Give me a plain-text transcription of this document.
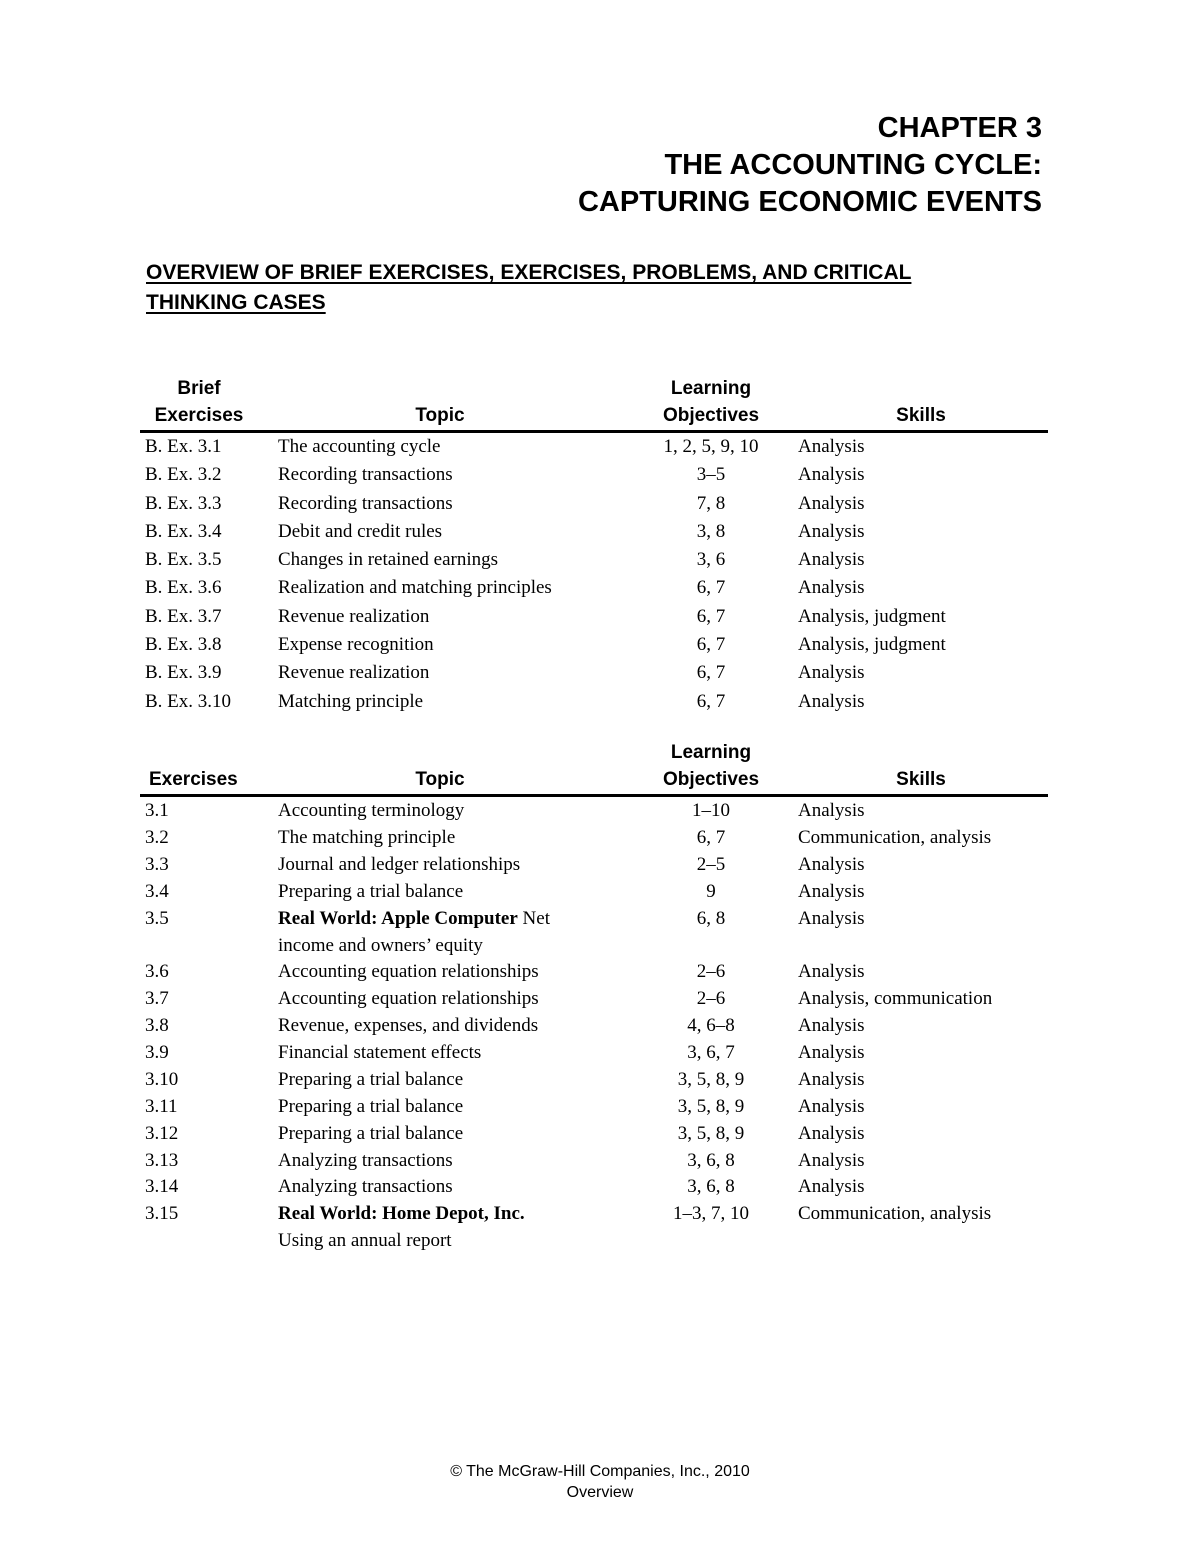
CHAPTER 3
THE ACCOUNTING CYCLE:
CAPTURING ECONOMIC EVENTS
OVERVIEW OF BRIEF EXERCISES, EXERCISES, PROBLEMS, AND CRITICAL
THINKING CASES
Brief
Exercises	Topic
Learning
Objectives	Skills
B. Ex. 3.1	The accounting cycle	1, 2, 5, 9, 10	Analysis
B. Ex. 3.2	Recording transactions	3–5	Analysis
B. Ex. 3.3	Recording transactions	7, 8	Analysis
B. Ex. 3.4	Debit and credit rules	3, 8	Analysis
B. Ex. 3.5	Changes in retained earnings	3, 6	Analysis
B. Ex. 3.6	Realization and matching principles	6, 7	Analysis
B. Ex. 3.7	Revenue realization	6, 7	Analysis, judgment
B. Ex. 3.8	Expense recognition	6, 7	Analysis, judgment
B. Ex. 3.9	Revenue realization	6, 7	Analysis
B. Ex. 3.10 Matching principle	6, 7	Analysis
Exercises	Topic
Learning
Objectives	Skills
3.1	Accounting terminology	1–10	Analysis
3.2	The matching principle	6, 7	Communication, analysis
3.3	Journal and ledger relationships	2–5	Analysis
3.4	Preparing a trial balance	9	Analysis
3.5	Real World: Apple Computer Net
income and owners’ equity
6, 8	Analysis
3.6	Accounting equation relationships	2–6	Analysis
3.7	Accounting equation relationships	2–6	Analysis, communication
3.8	Revenue, expenses, and dividends	4, 6–8	Analysis
3.9	Financial statement effects	3, 6, 7	Analysis
3.10	Preparing a trial balance	3, 5, 8, 9	Analysis
3.11	Preparing a trial balance	3, 5, 8, 9	Analysis
3.12	Preparing a trial balance	3, 5, 8, 9	Analysis
3.13	Analyzing transactions	3, 6, 8	Analysis
3.14	Analyzing transactions	3, 6, 8	Analysis
3.15	Real World: Home Depot, Inc.
Using an annual report
1–3, 7, 10	Communication, analysis
© The McGraw-Hill Companies, Inc., 2010
Overview
